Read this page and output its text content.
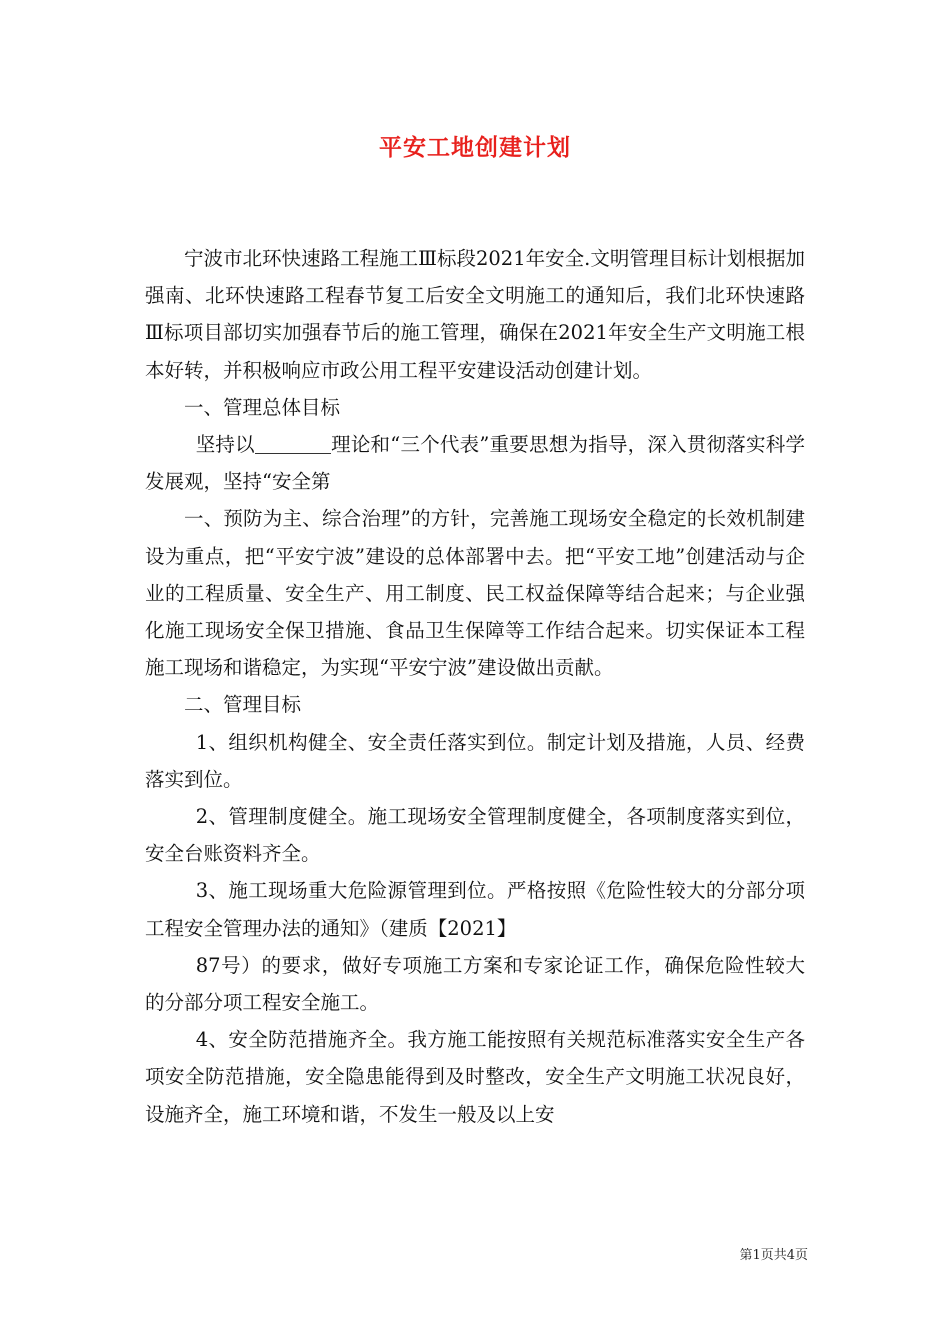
平安工地创建计划

宁波市北环快速路工程施工Ⅲ标段2021年安全.文明管理目标计划根据加强南、北环快速路工程春节复工后安全文明施工的通知后，我们北环快速路Ⅲ标项目部切实加强春节后的施工管理，确保在2021年安全生产文明施工根本好转，并积极响应市政公用工程平安建设活动创建计划。

一、管理总体目标

坚持以	理论和“三个代表”重要思想为指导，深入贯彻落实科学发展观，坚持“安全第

一、预防为主、综合治理”的方针，完善施工现场安全稳定的长效机制建设为重点，把“平安宁波”建设的总体部署中去。把“平安工地”创建活动与企业的工程质量、安全生产、用工制度、民工权益保障等结合起来；与企业强化施工现场安全保卫措施、食品卫生保障等工作结合起来。切实保证本工程施工现场和谐稳定，为实现“平安宁波”建设做出贡献。

二、管理目标

1、组织机构健全、安全责任落实到位。制定计划及措施，人员、经费落实到位。

2、管理制度健全。施工现场安全管理制度健全，各项制度落实到位，安全台账资料齐全。

3、施工现场重大危险源管理到位。严格按照《危险性较大的分部分项工程安全管理办法的通知》（建质【2021】

87号）的要求，做好专项施工方案和专家论证工作，确保危险性较大的分部分项工程安全施工。

4、安全防范措施齐全。我方施工能按照有关规范标准落实安全生产各项安全防范措施，安全隐患能得到及时整改，安全生产文明施工状况良好，设施齐全，施工环境和谐，不发生一般及以上安

第1页共4页
